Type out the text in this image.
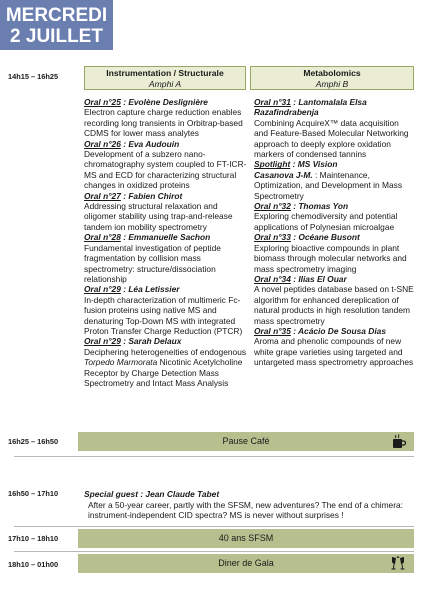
MERCREDI
2 JUILLET
14h15 – 16h25
16h25 – 16h50
16h50 – 17h10
17h10 – 18h10
18h10 – 01h00
Instrumentation / Structurale
Amphi A
Metabolomics
Amphi B
Oral n°25 : Evolène Deslignière
Electron capture charge reduction enables recording long transients in Orbitrap-based CDMS for lower mass analytes
Oral n°26 : Eva Audouin
Development of a subzero nano-chromatography system coupled to FT-ICR-MS and ECD for characterizing structural changes in oxidized proteins
Oral n°27 : Fabien Chirot
Addressing structural relaxation and oligomer stability using trap-and-release tandem ion mobility spectrometry
Oral n°28 : Emmanuelle Sachon
Fundamental investigation of peptide fragmentation by collision mass spectrometry: structure/dissociation relationship
Oral n°29 : Léa Letissier
In-depth characterization of multimeric Fc-fusion proteins using native MS and denaturing Top-Down MS with integrated Proton Transfer Charge Reduction (PTCR)
Oral n°29 : Sarah Delaux
Deciphering heterogeneities of endogenous Torpedo Marmorata Nicotinic Acetylcholine Receptor by Charge Detection Mass Spectrometry and Intact Mass Analysis
Oral n°31 : Lantomalala Elsa Razafindrabenja
Combining AcquireX™ data acquisition and Feature-Based Molecular Networking approach to deeply explore oxidation markers of condensed tannins
Spotlight : MS Vision
Casanova J-M. : Maintenance, Optimization, and Development in Mass Spectrometry
Oral n°32 : Thomas Yon
Exploring chemodiversity and potential applications of Polynesian microalgae
Oral n°33 : Océane Busont
Exploring bioactive compounds in plant biomass through molecular networks and mass spectrometry imaging
Oral n°34 : Ilias El Ouar
A novel peptides database based on t-SNE algorithm for enhanced dereplication of natural products in high resolution tandem mass spectrometry
Oral n°35 : Acácio De Sousa Dias
Aroma and phenolic compounds of new white grape varieties using targeted and untargeted mass spectrometry approaches
Pause Café
Special guest : Jean Claude Tabet
After a 50-year career, partly with the SFSM, new adventures? The end of a chimera: instrument-independent CID spectra? MS is never without surprises !
40 ans SFSM
Diner de Gala
